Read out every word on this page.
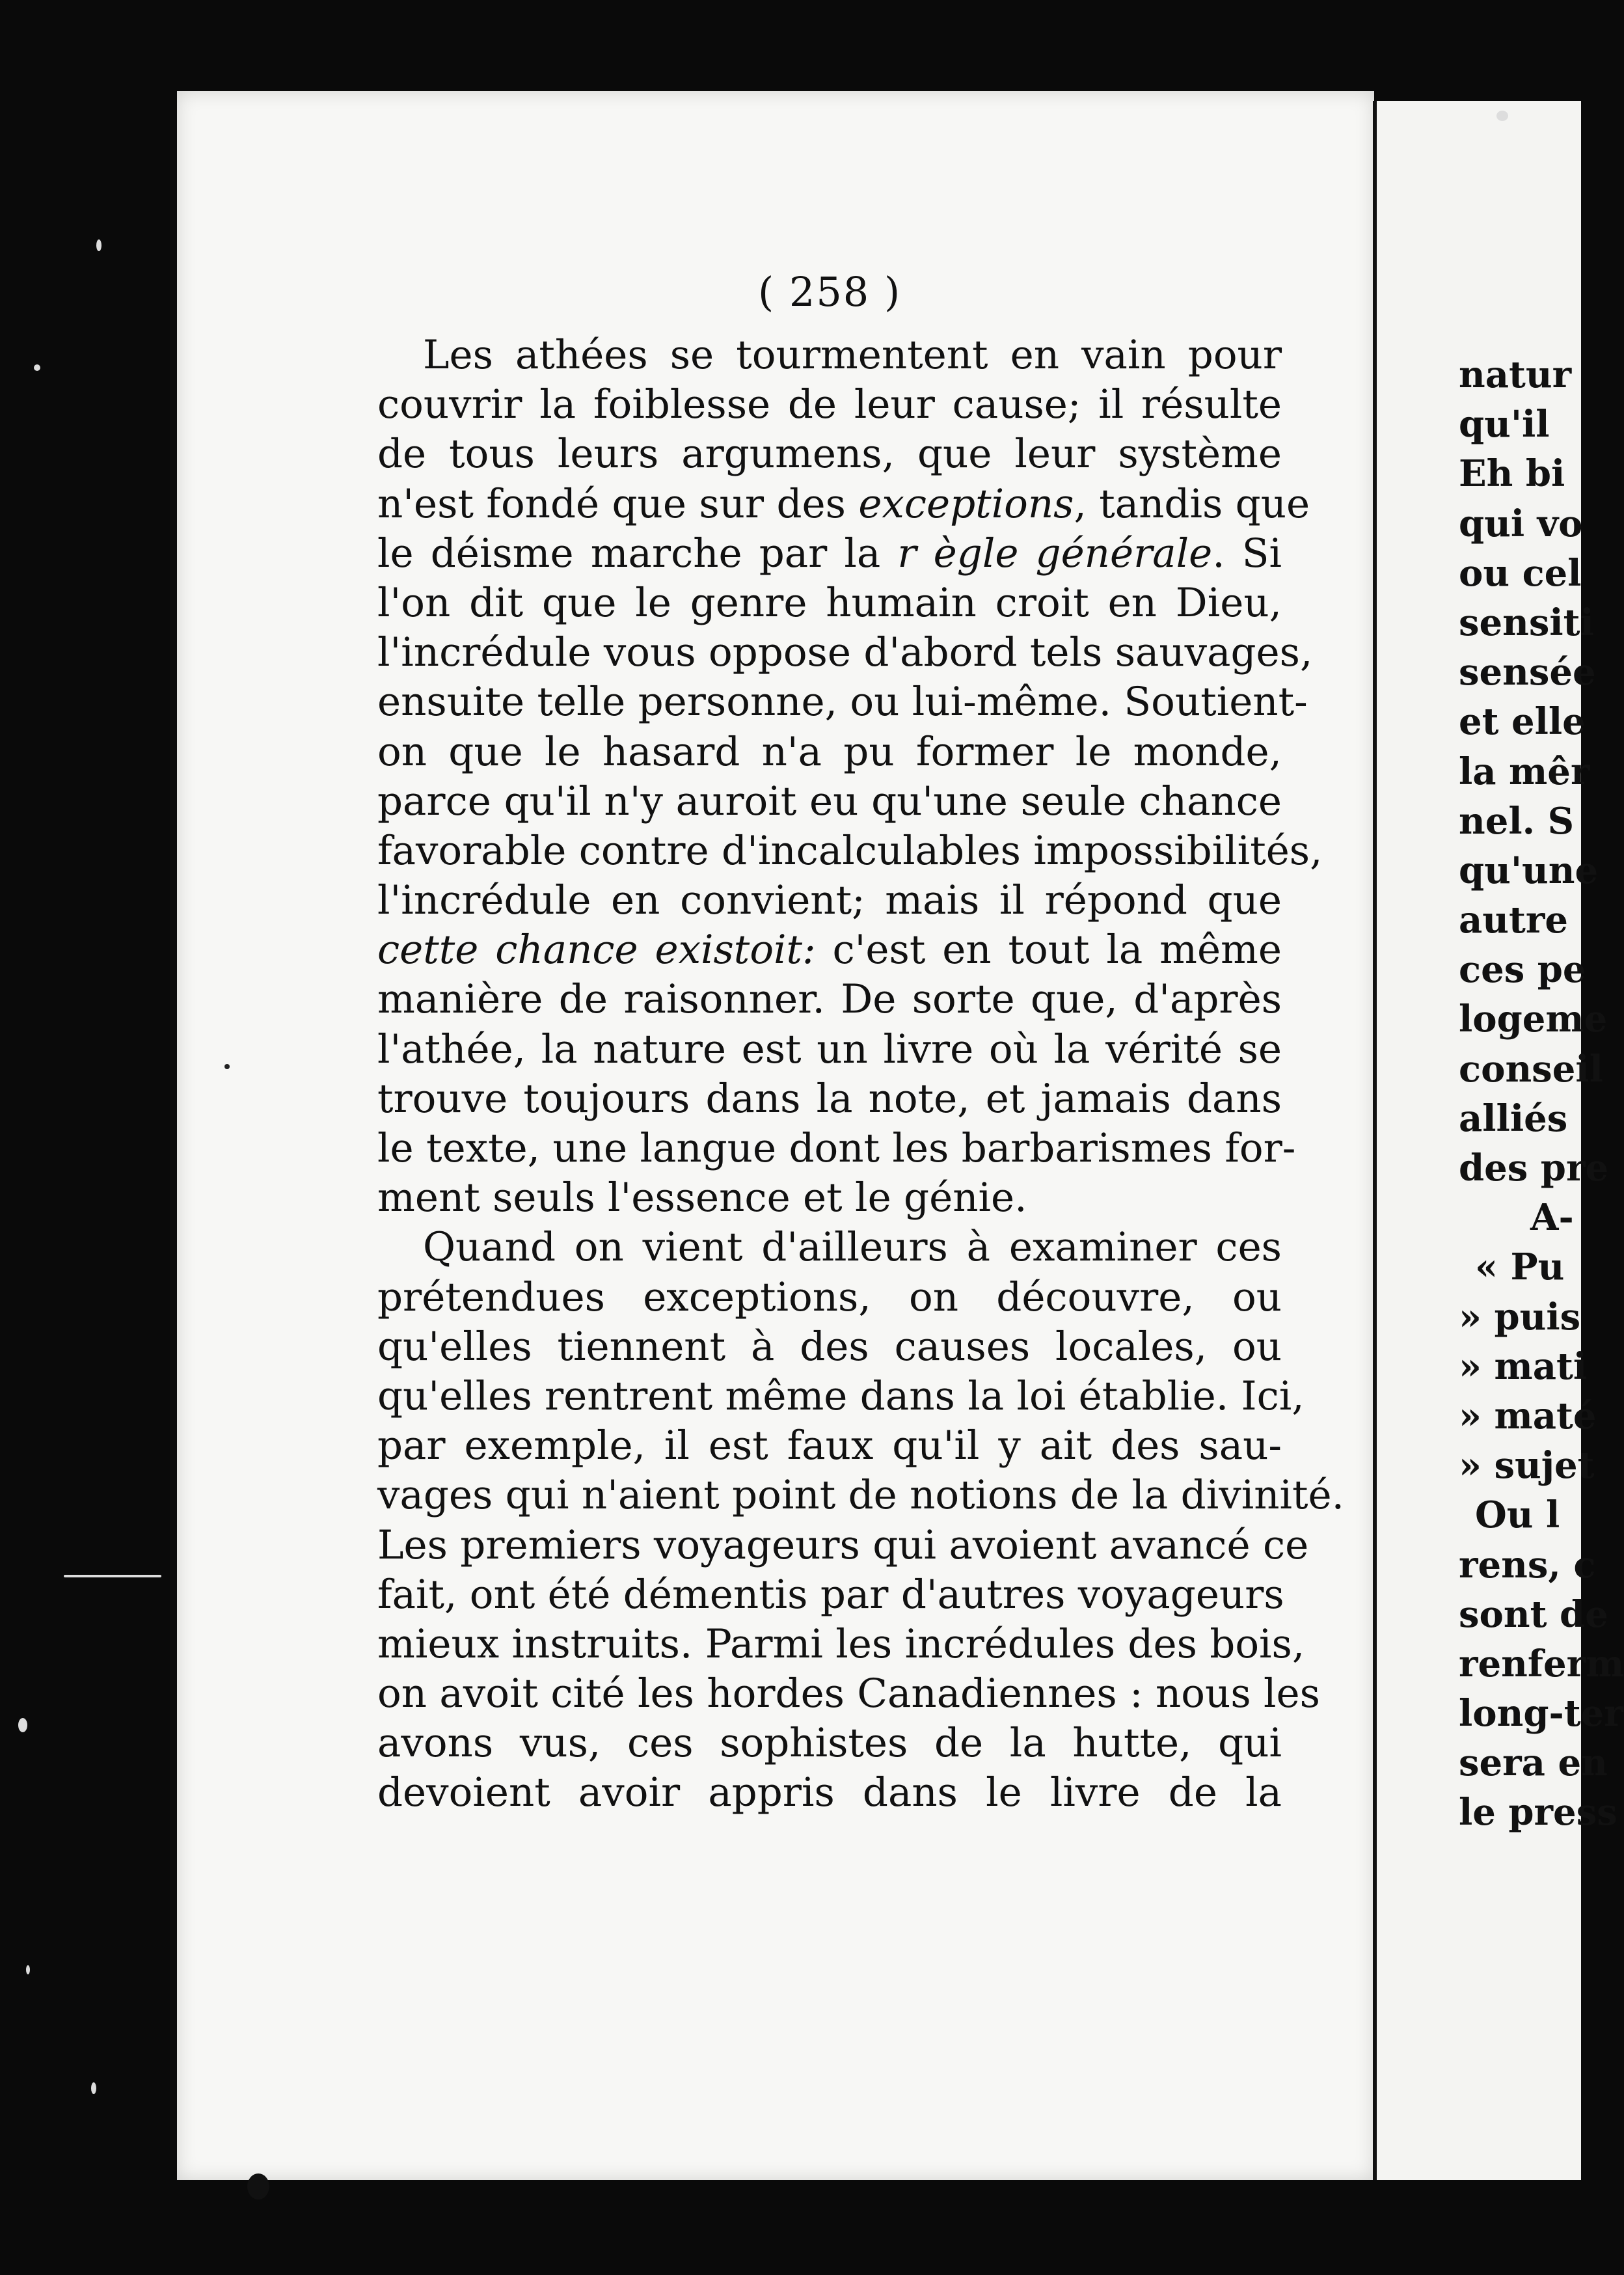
( 258 )
Les athées se tourmentent en vain pour
couvrir la foiblesse de leur cause; il résulte
de tous leurs argumens, que leur système
n'est fondé que sur des exceptions, tandis que
le déisme marche par la r ègle générale. Si
l'on dit que le genre humain croit en Dieu,
l'incrédule vous oppose d'abord tels sauvages,
ensuite telle personne, ou lui-même. Soutient-
on que le hasard n'a pu former le monde,
parce qu'il n'y auroit eu qu'une seule chance
favorable contre d'incalculables impossibilités,
l'incrédule en convient; mais il répond que
cette chance existoit: c'est en tout la même
manière de raisonner. De sorte que, d'après
l'athée, la nature est un livre où la vérité se
trouve toujours dans la note, et jamais dans
le texte, une langue dont les barbarismes for-
ment seuls l'essence et le génie.
Quand on vient d'ailleurs à examiner ces
prétendues exceptions, on découvre, ou
qu'elles tiennent à des causes locales, ou
qu'elles rentrent même dans la loi établie. Ici,
par exemple, il est faux qu'il y ait des sau-
vages qui n'aient point de notions de la divinité.
Les premiers voyageurs qui avoient avancé ce
fait, ont été démentis par d'autres voyageurs
mieux instruits. Parmi les incrédules des bois,
on avoit cité les hordes Canadiennes : nous les
avons vus, ces sophistes de la hutte, qui
devoient avoir appris dans le livre de la
natur
qu'il
Eh bi
qui vo
ou cel
sensiti
sensée
et elle
la mêr
nel. S
qu'une
autre
ces pe
logeme
conseil
alliés
des pre
A-
« Pu
» puis
» mati
» maté
» sujet
Ou l
rens, c
sont de
renferm
long-ter
sera en
le press
